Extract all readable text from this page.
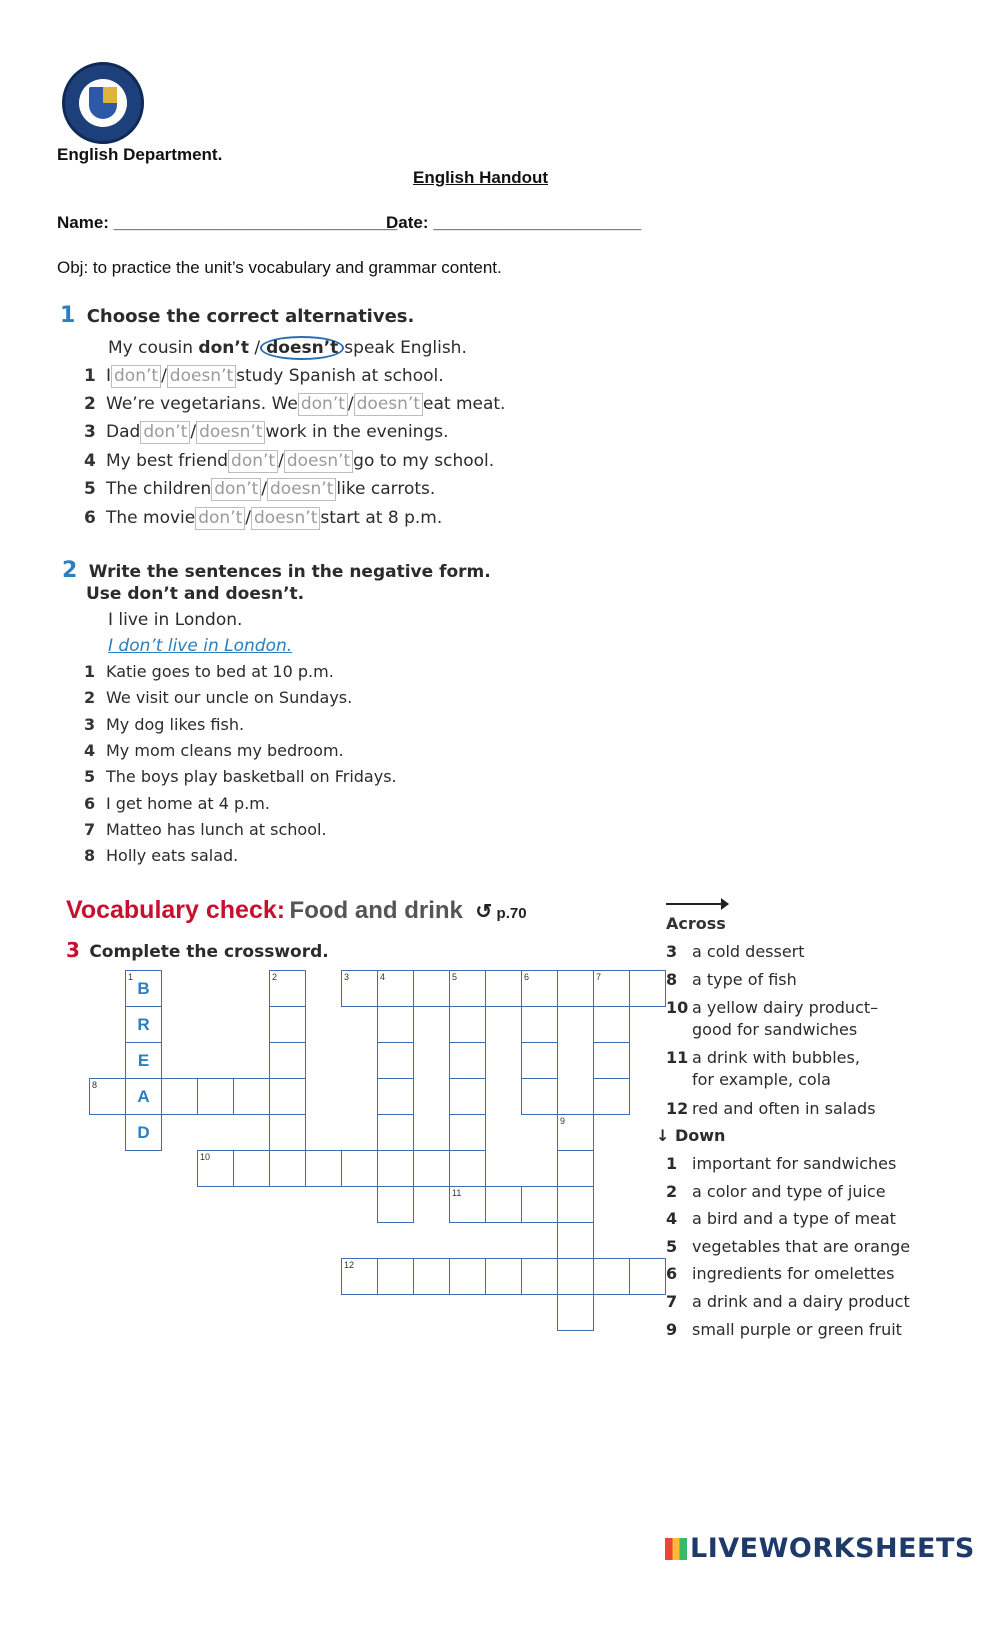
English Department.
English Handout
Name: ______________________________
Date: ______________________
Obj: to practice the unit’s vocabulary and grammar content.
1 Choose the correct alternatives.
My cousin don’t / doesn’t speak English.
1 I don’t / doesn’t study Spanish at school.
2 We’re vegetarians. We don’t / doesn’t eat meat.
3 Dad don’t / doesn’t work in the evenings.
4 My best friend don’t / doesn’t go to my school.
5 The children don’t / doesn’t like carrots.
6 The movie don’t / doesn’t start at 8 p.m.
2 Write the sentences in the negative form.
Use don’t and doesn’t.
I live in London.
I don’t live in London.
1 Katie goes to bed at 10 p.m.
2 We visit our uncle on Sundays.
3 My dog likes fish.
4 My mom cleans my bedroom.
5 The boys play basketball on Fridays.
6 I get home at 4 p.m.
7 Matteo has lunch at school.
8 Holly eats salad.
Vocabulary check: Food and drink ↺ p.70
3 Complete the crossword.
1
B
R
E
A
D
2	4	5
11
6	7
9
3
8
10
12
Across
3 a cold dessert
8 a type of fish
10 a yellow dairy product–
good for sandwiches
11 a drink with bubbles,
for example, cola
12 red and often in salads
↓ Down
1 important for sandwiches
2 a color and type of juice
4 a bird and a type of meat
5 vegetables that are orange
6 ingredients for omelettes
7 a drink and a dairy product
9 small purple or green fruit
LIVEWORKSHEETS
